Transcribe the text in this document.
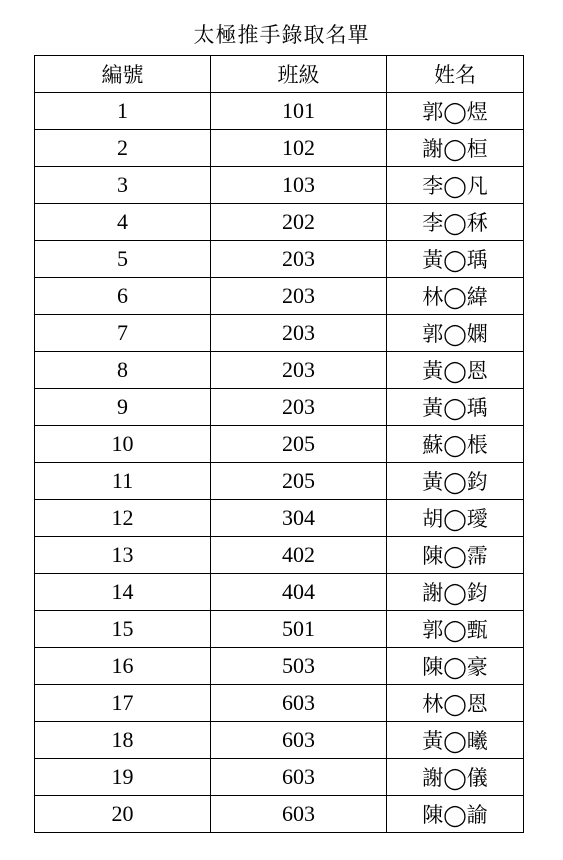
太極推手錄取名單
編號	班級	姓名
1	101	郭◯煜
2	102	謝◯桓
3	103	李◯凡
4	202	李◯秝
5	203	黃◯瑀
6	203	林◯緯
7	203	郭◯嫻
8	203	黃◯恩
9	203	黃◯瑀
10	205	蘇◯棖
11	205	黃◯鈞
12	304	胡◯璦
13	402	陳◯霈
14	404	謝◯鈞
15	501	郭◯甄
16	503	陳◯豪
17	603	林◯恩
18	603	黃◯曦
19	603	謝◯儀
20	603	陳◯諭
